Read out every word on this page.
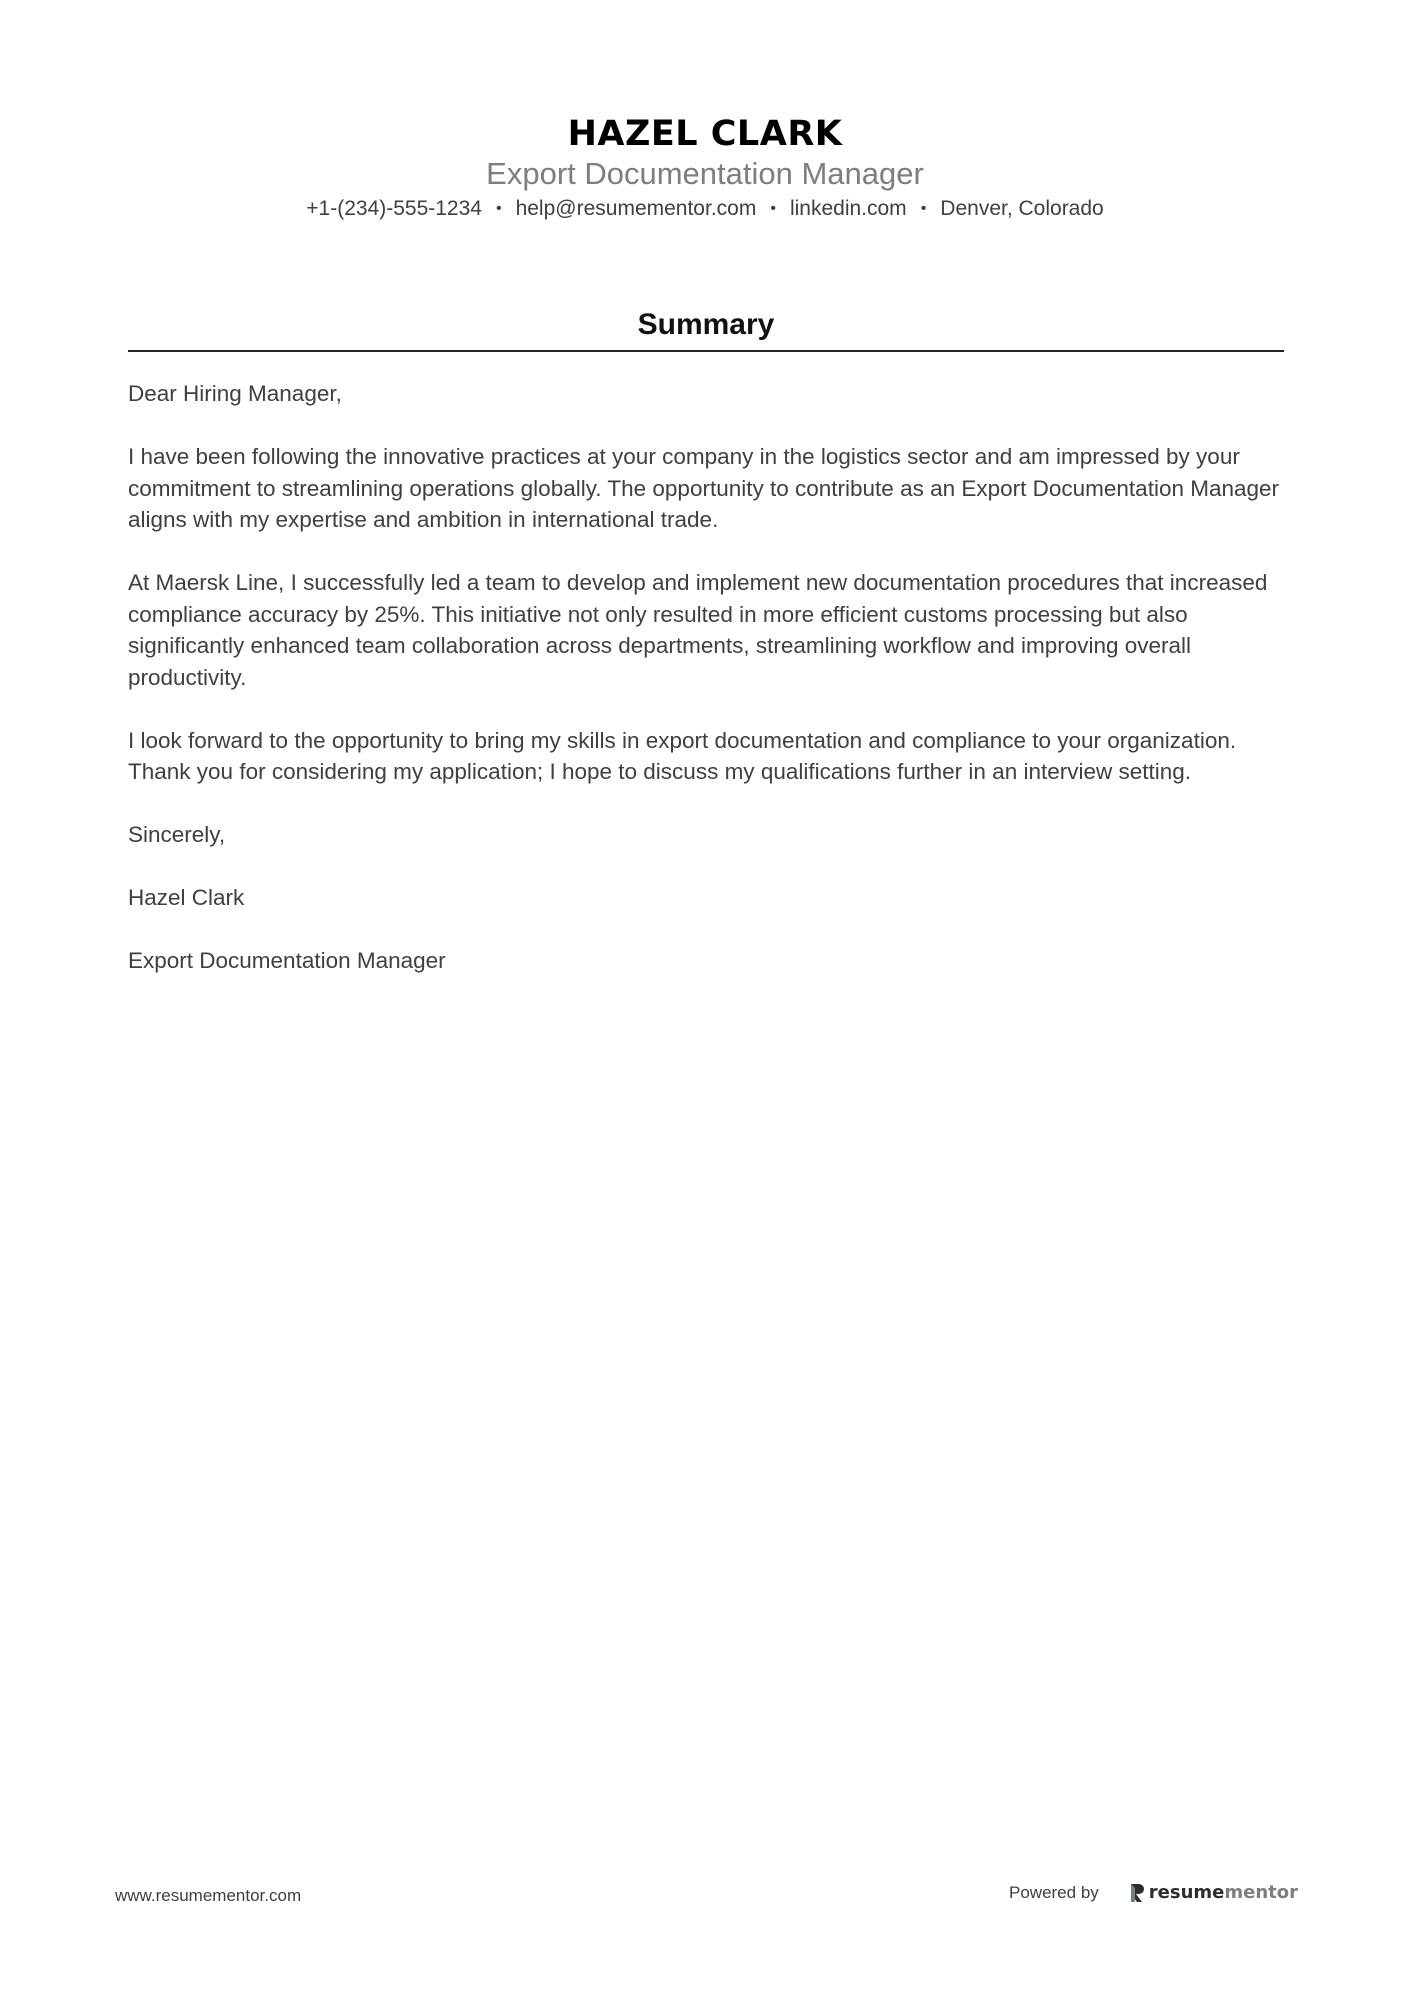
HAZEL CLARK
Export Documentation Manager
+1-(234)-555-1234 • help@resumementor.com • linkedin.com • Denver, Colorado
Summary

Dear Hiring Manager,

I have been following the innovative practices at your company in the logistics sector and am impressed by your commitment to streamlining operations globally. The opportunity to contribute as an Export Documentation Manager aligns with my expertise and ambition in international trade.

At Maersk Line, I successfully led a team to develop and implement new documentation procedures that increased compliance accuracy by 25%. This initiative not only resulted in more efficient customs processing but also significantly enhanced team collaboration across departments, streamlining workflow and improving overall productivity.

I look forward to the opportunity to bring my skills in export documentation and compliance to your organization. Thank you for considering my application; I hope to discuss my qualifications further in an interview setting.

Sincerely,

Hazel Clark

Export Documentation Manager

www.resumementor.com	Powered by	resume mentor
